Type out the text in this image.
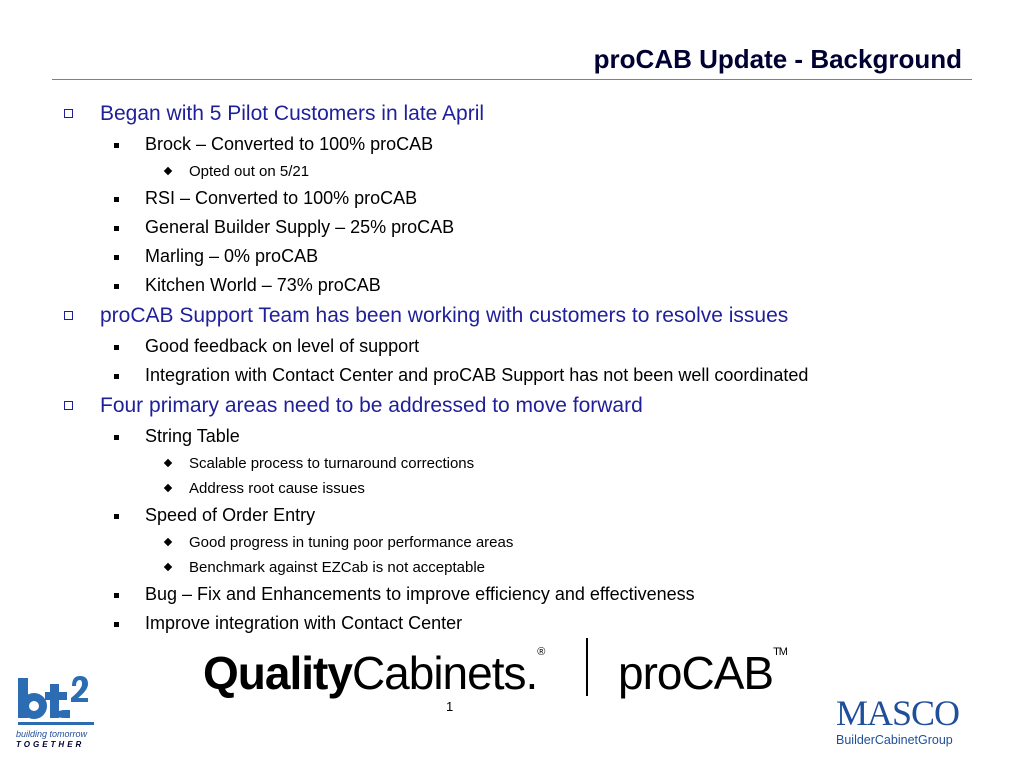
proCAB Update - Background
Began with 5 Pilot Customers in late April
Brock – Converted to 100% proCAB
Opted out on 5/21
RSI – Converted to 100% proCAB
General Builder Supply – 25% proCAB
Marling – 0% proCAB
Kitchen World – 73% proCAB
proCAB Support Team has been working with customers to resolve issues
Good feedback on level of support
Integration with Contact Center and proCAB Support has not been well coordinated
Four primary areas need to be addressed to move forward
String Table
Scalable process to turnaround corrections
Address root cause issues
Speed of Order Entry
Good progress in tuning poor performance areas
Benchmark against EZCab is not acceptable
Bug – Fix and Enhancements to improve efficiency and effectiveness
Improve integration with Contact Center
QualityCabinets.® proCAB™
1
building tomorrow
TOGETHER
MASCO
BuilderCabinetGroup
